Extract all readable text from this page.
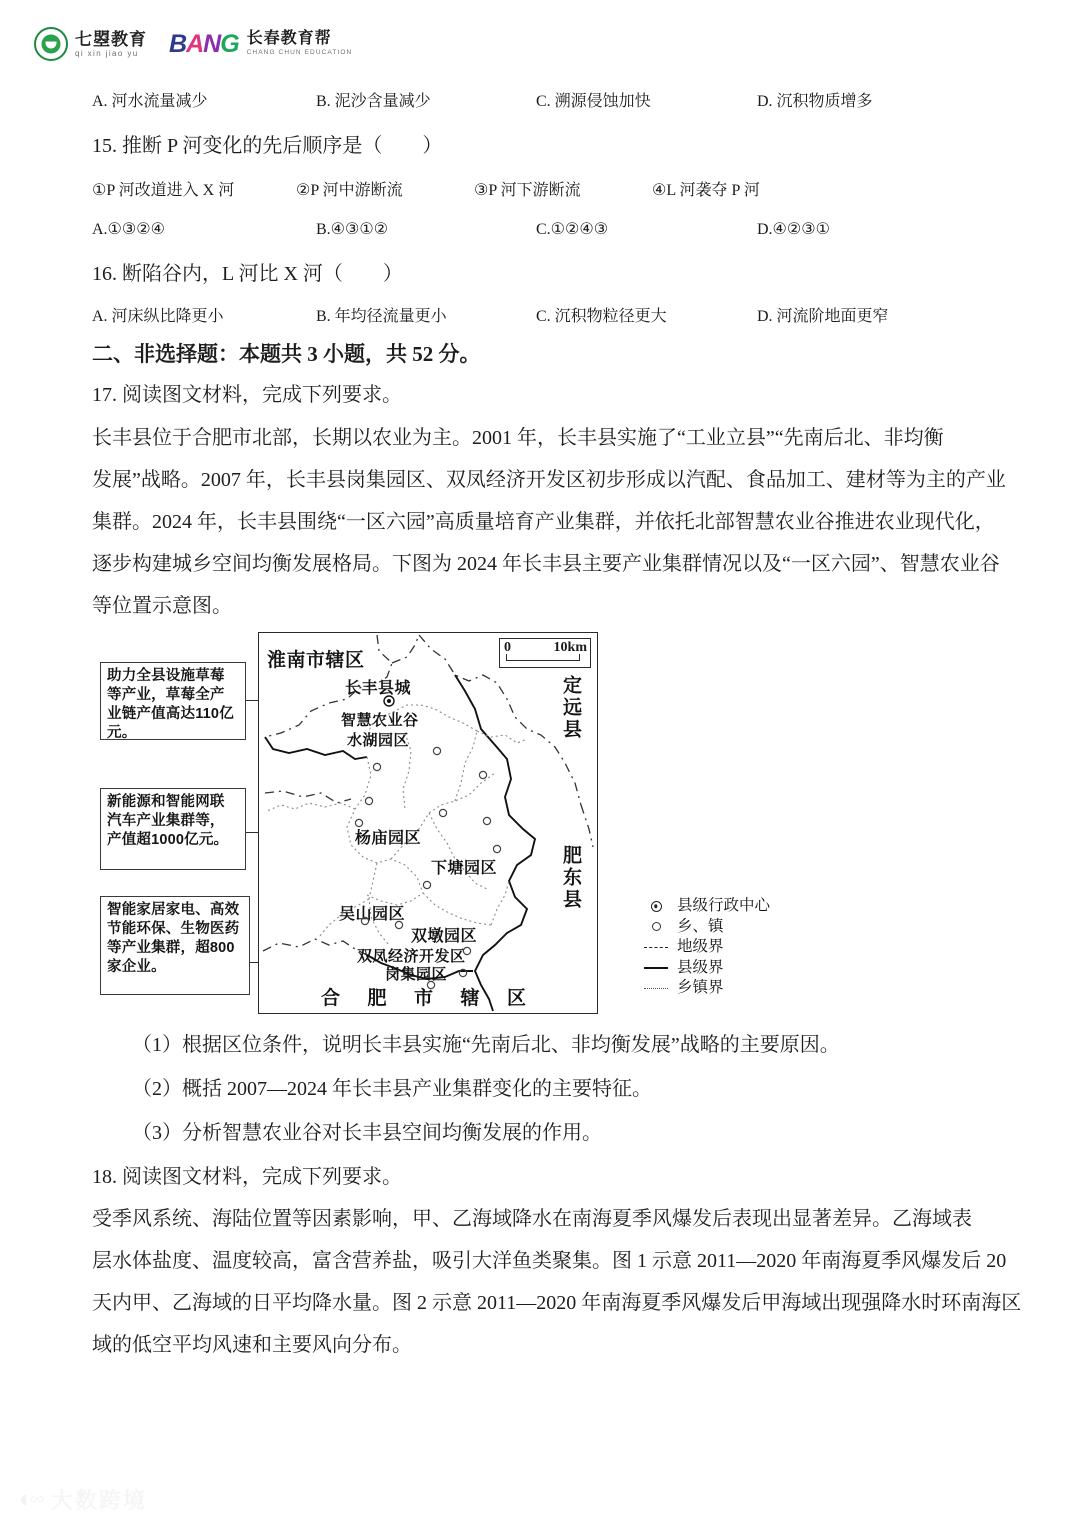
七曌教育
qi xin jiao yu	B A N G 长春教育帮
CHANG CHUN EDUCATION
A. 河水流量减少	B. 泥沙含量减少	C. 溯源侵蚀加快	D. 沉积物质增多
15. 推断 P 河变化的先后顺序是（　　）
①P 河改道进入 X 河	②P 河中游断流	③P 河下游断流	④L 河袭夺 P 河
A.①③②④	B.④③①②	C.①②④③	D.④②③①
16. 断陷谷内，L 河比 X 河（　　）
A. 河床纵比降更小	B. 年均径流量更小	C. 沉积物粒径更大	D. 河流阶地面更窄
二、非选择题：本题共 3 小题，共 52 分。
17. 阅读图文材料，完成下列要求。
长丰县位于合肥市北部，长期以农业为主。2001 年，长丰县实施了“工业立县”“先南后北、非均衡
发展”战略。2007 年，长丰县岗集园区、双凤经济开发区初步形成以汽配、食品加工、建材等为主的产业
集群。2024 年，长丰县围绕“一区六园”高质量培育产业集群，并依托北部智慧农业谷推进农业现代化，
逐步构建城乡空间均衡发展格局。下图为 2024 年长丰县主要产业集群情况以及“一区六园”、智慧农业谷
等位置示意图。
助力全县设施草莓等产业，草莓全产业链产值高达110亿元。
新能源和智能网联汽车产业集群等，产值超1000亿元。
智能家居家电、高效节能环保、生物医药等产业集群，超800家企业。
0	10km
淮南市辖区
定远县
肥东县
合  肥  市  辖  区
长丰县城
智慧农业谷
水湖园区
杨庙园区
下塘园区
吴山园区
双墩园区
双凤经济开发区
岗集园区
县级行政中心
乡、镇
地级界
县级界
乡镇界
（1）根据区位条件，说明长丰县实施“先南后北、非均衡发展”战略的主要原因。
（2）概括 2007—2024 年长丰县产业集群变化的主要特征。
（3）分析智慧农业谷对长丰县空间均衡发展的作用。
18. 阅读图文材料，完成下列要求。
受季风系统、海陆位置等因素影响，甲、乙海域降水在南海夏季风爆发后表现出显著差异。乙海域表
层水体盐度、温度较高，富含营养盐，吸引大洋鱼类聚集。图 1 示意 2011—2020 年南海夏季风爆发后 20
天内甲、乙海域的日平均降水量。图 2 示意 2011—2020 年南海夏季风爆发后甲海域出现强降水时环南海区
域的低空平均风速和主要风向分布。
◖◦◦ 大数跨境
